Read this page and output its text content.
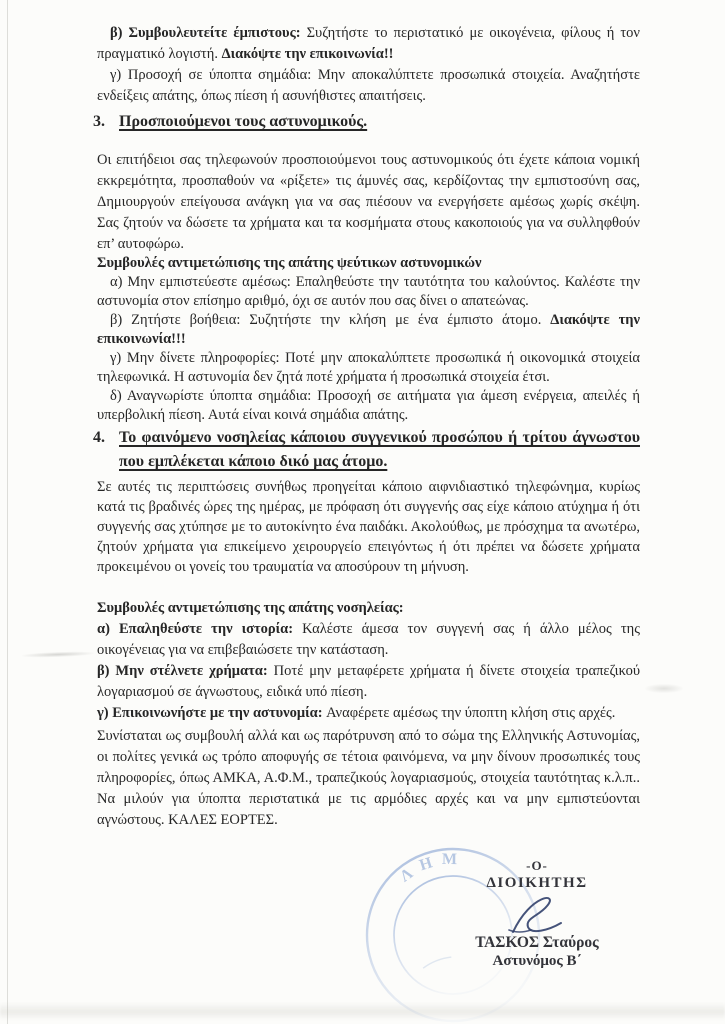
β) Συμβουλευτείτε έμπιστους: Συζητήστε το περιστατικό με οικογένεια, φίλους ή τον πραγματικό λογιστή. Διακόψτε την επικοινωνία!!

γ) Προσοχή σε ύποπτα σημάδια: Μην αποκαλύπτετε προσωπικά στοιχεία. Αναζητήστε ενδείξεις απάτης, όπως πίεση ή ασυνήθιστες απαιτήσεις.

3. Προσποιούμενοι τους αστυνομικούς.

Οι επιτήδειοι σας τηλεφωνούν προσποιούμενοι τους αστυνομικούς ότι έχετε κάποια νομική εκκρεμότητα, προσπαθούν να «ρίξετε» τις άμυνές σας, κερδίζοντας την εμπιστοσύνη σας, Δημιουργούν επείγουσα ανάγκη για να σας πιέσουν να ενεργήσετε αμέσως χωρίς σκέψη. Σας ζητούν να δώσετε τα χρήματα και τα κοσμήματα στους κακοποιούς για να συλληφθούν επ’ αυτοφώρω.

Συμβουλές αντιμετώπισης της απάτης ψεύτικων αστυνομικών

α) Μην εμπιστεύεστε αμέσως: Επαληθεύστε την ταυτότητα του καλούντος. Καλέστε την αστυνομία στον επίσημο αριθμό, όχι σε αυτόν που σας δίνει ο απατεώνας.

β) Ζητήστε βοήθεια: Συζητήστε την κλήση με ένα έμπιστο άτομο. Διακόψτε την επικοινωνία!!!

γ) Μην δίνετε πληροφορίες: Ποτέ μην αποκαλύπτετε προσωπικά ή οικονομικά στοιχεία τηλεφωνικά. Η αστυνομία δεν ζητά ποτέ χρήματα ή προσωπικά στοιχεία έτσι.

δ) Αναγνωρίστε ύποπτα σημάδια: Προσοχή σε αιτήματα για άμεση ενέργεια, απειλές ή υπερβολική πίεση. Αυτά είναι κοινά σημάδια απάτης.

4. Το φαινόμενο νοσηλείας κάποιου συγγενικού προσώπου ή τρίτου άγνωστου που εμπλέκεται κάποιο δικό μας άτομο.

Σε αυτές τις περιπτώσεις συνήθως προηγείται κάποιο αιφνιδιαστικό τηλεφώνημα, κυρίως κατά τις βραδινές ώρες της ημέρας, με πρόφαση ότι συγγενής σας είχε κάποιο ατύχημα ή ότι συγγενής σας χτύπησε με το αυτοκίνητο ένα παιδάκι. Ακολούθως, με πρόσχημα τα ανωτέρω, ζητούν χρήματα για επικείμενο χειρουργείο επειγόντως ή ότι πρέπει να δώσετε χρήματα προκειμένου οι γονείς του τραυματία να αποσύρουν τη μήνυση.

Συμβουλές αντιμετώπισης της απάτης νοσηλείας:

α) Επαληθεύστε την ιστορία: Καλέστε άμεσα τον συγγενή σας ή άλλο μέλος της οικογένειας για να επιβεβαιώσετε την κατάσταση.

β) Μην στέλνετε χρήματα: Ποτέ μην μεταφέρετε χρήματα ή δίνετε στοιχεία τραπεζικού λογαριασμού σε άγνωστους, ειδικά υπό πίεση.

γ) Επικοινωνήστε με την αστυνομία: Αναφέρετε αμέσως την ύποπτη κλήση στις αρχές.

Συνίσταται ως συμβουλή αλλά και ως παρότρυνση από το σώμα της Ελληνικής Αστυνομίας, οι πολίτες γενικά ως τρόπο αποφυγής σε τέτοια φαινόμενα, να μην δίνουν προσωπικές τους πληροφορίες, όπως ΑΜΚΑ, Α.Φ.Μ., τραπεζικούς λογαριασμούς, στοιχεία ταυτότητας κ.λ.π.. Να μιλούν για ύποπτα περιστατικά με τις αρμόδιες αρχές και να μην εμπιστεύονται αγνώστους. ΚΑΛΕΣ ΕΟΡΤΕΣ.

ΛΗΜ	-Ο-

ΔΙΟΙΚΗΤΗΣ

ΤΑΣΚΟΣ Σταύρος

Αστυνόμος Β΄
